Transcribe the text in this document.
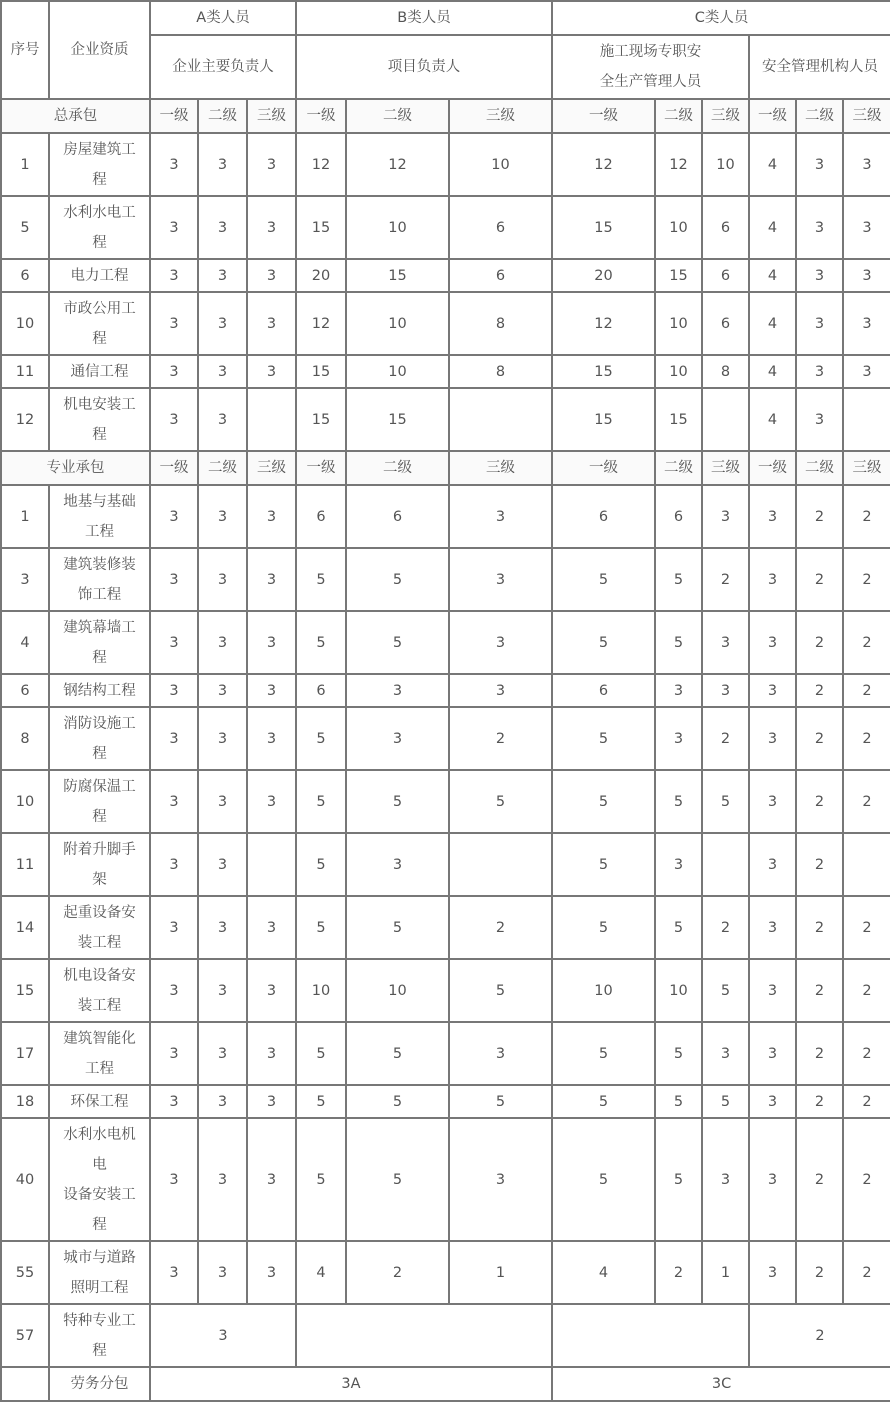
序号	企业资质	A类人员			B类人员			C类人员					
		企业主要负责人			项目负责人			施工现场专职安
全生产管理人员			安全管理机构人员		
总承包		一级	二级	三级	一级	二级	三级	一级	二级	三级	一级	二级	三级
1	房屋建筑工
程	3	3	3	12	12	10	12	12	10	4	3	3
5	水利水电工
程	3	3	3	15	10	6	15	10	6	4	3	3
6	电力工程	3	3	3	20	15	6	20	15	6	4	3	3
10	市政公用工
程	3	3	3	12	10	8	12	10	6	4	3	3
11	通信工程	3	3	3	15	10	8	15	10	8	4	3	3
12	机电安装工
程	3	3		15	15		15	15		4	3	
专业承包		一级	二级	三级	一级	二级	三级	一级	二级	三级	一级	二级	三级
1	地基与基础
工程	3	3	3	6	6	3	6	6	3	3	2	2
3	建筑装修装
饰工程	3	3	3	5	5	3	5	5	2	3	2	2
4	建筑幕墙工
程	3	3	3	5	5	3	5	5	3	3	2	2
6	钢结构工程	3	3	3	6	3	3	6	3	3	3	2	2
8	消防设施工
程	3	3	3	5	3	2	5	3	2	3	2	2
10	防腐保温工
程	3	3	3	5	5	5	5	5	5	3	2	2
11	附着升脚手
架	3	3		5	3		5	3		3	2	
14	起重设备安
装工程	3	3	3	5	5	2	5	5	2	3	2	2
15	机电设备安
装工程	3	3	3	10	10	5	10	10	5	3	2	2
17	建筑智能化
工程	3	3	3	5	5	3	5	5	3	3	2	2
18	环保工程	3	3	3	5	5	5	5	5	5	3	2	2
40	水利水电机
电
设备安装工
程	3	3	3	5	5	3	5	5	3	3	2	2
55	城市与道路
照明工程	3	3	3	4	2	1	4	2	1	3	2	2
57	特种专业工
程	3									2		
	劳务分包	3A						3C					
